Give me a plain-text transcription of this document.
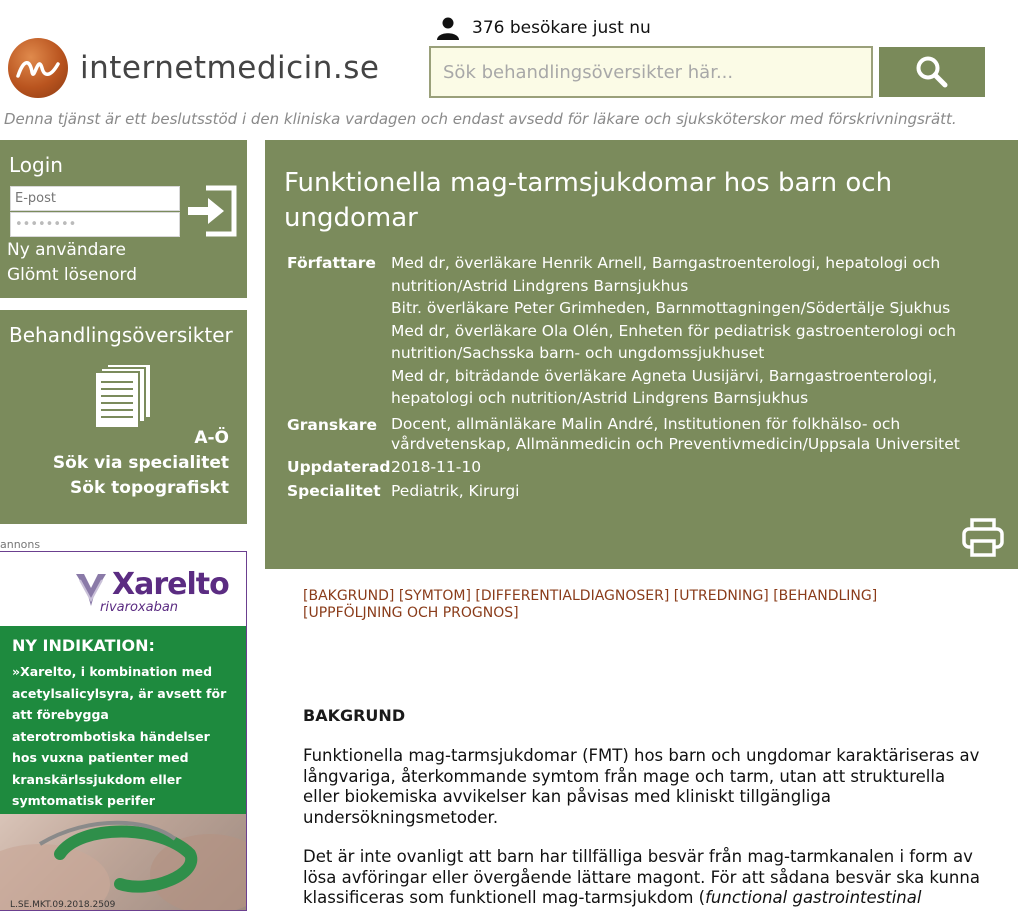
internetmedicin.se
376 besökare just nu
Sök behandlingsöversikter här...
Denna tjänst är ett beslutsstöd i den kliniska vardagen och endast avsedd för läkare och sjuksköterskor med förskrivningsrätt.
Login
E-post
••••••••
Ny användare
Glömt lösenord
Behandlingsöversikter
A-Ö
Sök via specialitet
Sök topografiskt
annons
Xarelto
rivaroxaban
NY INDIKATION:
»Xarelto, i kombination med acetylsalicylsyra, är avsett för att förebygga aterotrombotiska händelser hos vuxna patienter med kranskärlssjukdom eller symtomatisk perifer
L.SE.MKT.09.2018.2509
Funktionella mag-tarmsjukdomar hos barn och ungdomar
Författare Med dr, överläkare Henrik Arnell, Barngastroenterologi, hepatologi och nutrition/Astrid Lindgrens Barnsjukhus
Bitr. överläkare Peter Grimheden, Barnmottagningen/Södertälje Sjukhus
Med dr, överläkare Ola Olén, Enheten för pediatrisk gastroenterologi och nutrition/Sachsska barn- och ungdomssjukhuset
Med dr, biträdande överläkare Agneta Uusijärvi, Barngastroenterologi, hepatologi och nutrition/Astrid Lindgrens Barnsjukhus
Granskare Docent, allmänläkare Malin André, Institutionen för folkhälso- och vårdvetenskap, Allmänmedicin och Preventivmedicin/Uppsala Universitet
Uppdaterad 2018-11-10
Specialitet Pediatrik, Kirurgi
[BAKGRUND] [SYMTOM] [DIFFERENTIALDIAGNOSER] [UTREDNING] [BEHANDLING] [UPPFÖLJNING OCH PROGNOS]
BAKGRUND

Funktionella mag-tarmsjukdomar (FMT) hos barn och ungdomar karaktäriseras av långvariga, återkommande symtom från mage och tarm, utan att strukturella eller biokemiska avvikelser kan påvisas med kliniskt tillgängliga undersökningsmetoder.

Det är inte ovanligt att barn har tillfälliga besvär från mag-tarmkanalen i form av lösa avföringar eller övergående lättare magont. För att sådana besvär ska kunna klassificeras som funktionell mag-tarmsjukdom (functional gastrointestinal
